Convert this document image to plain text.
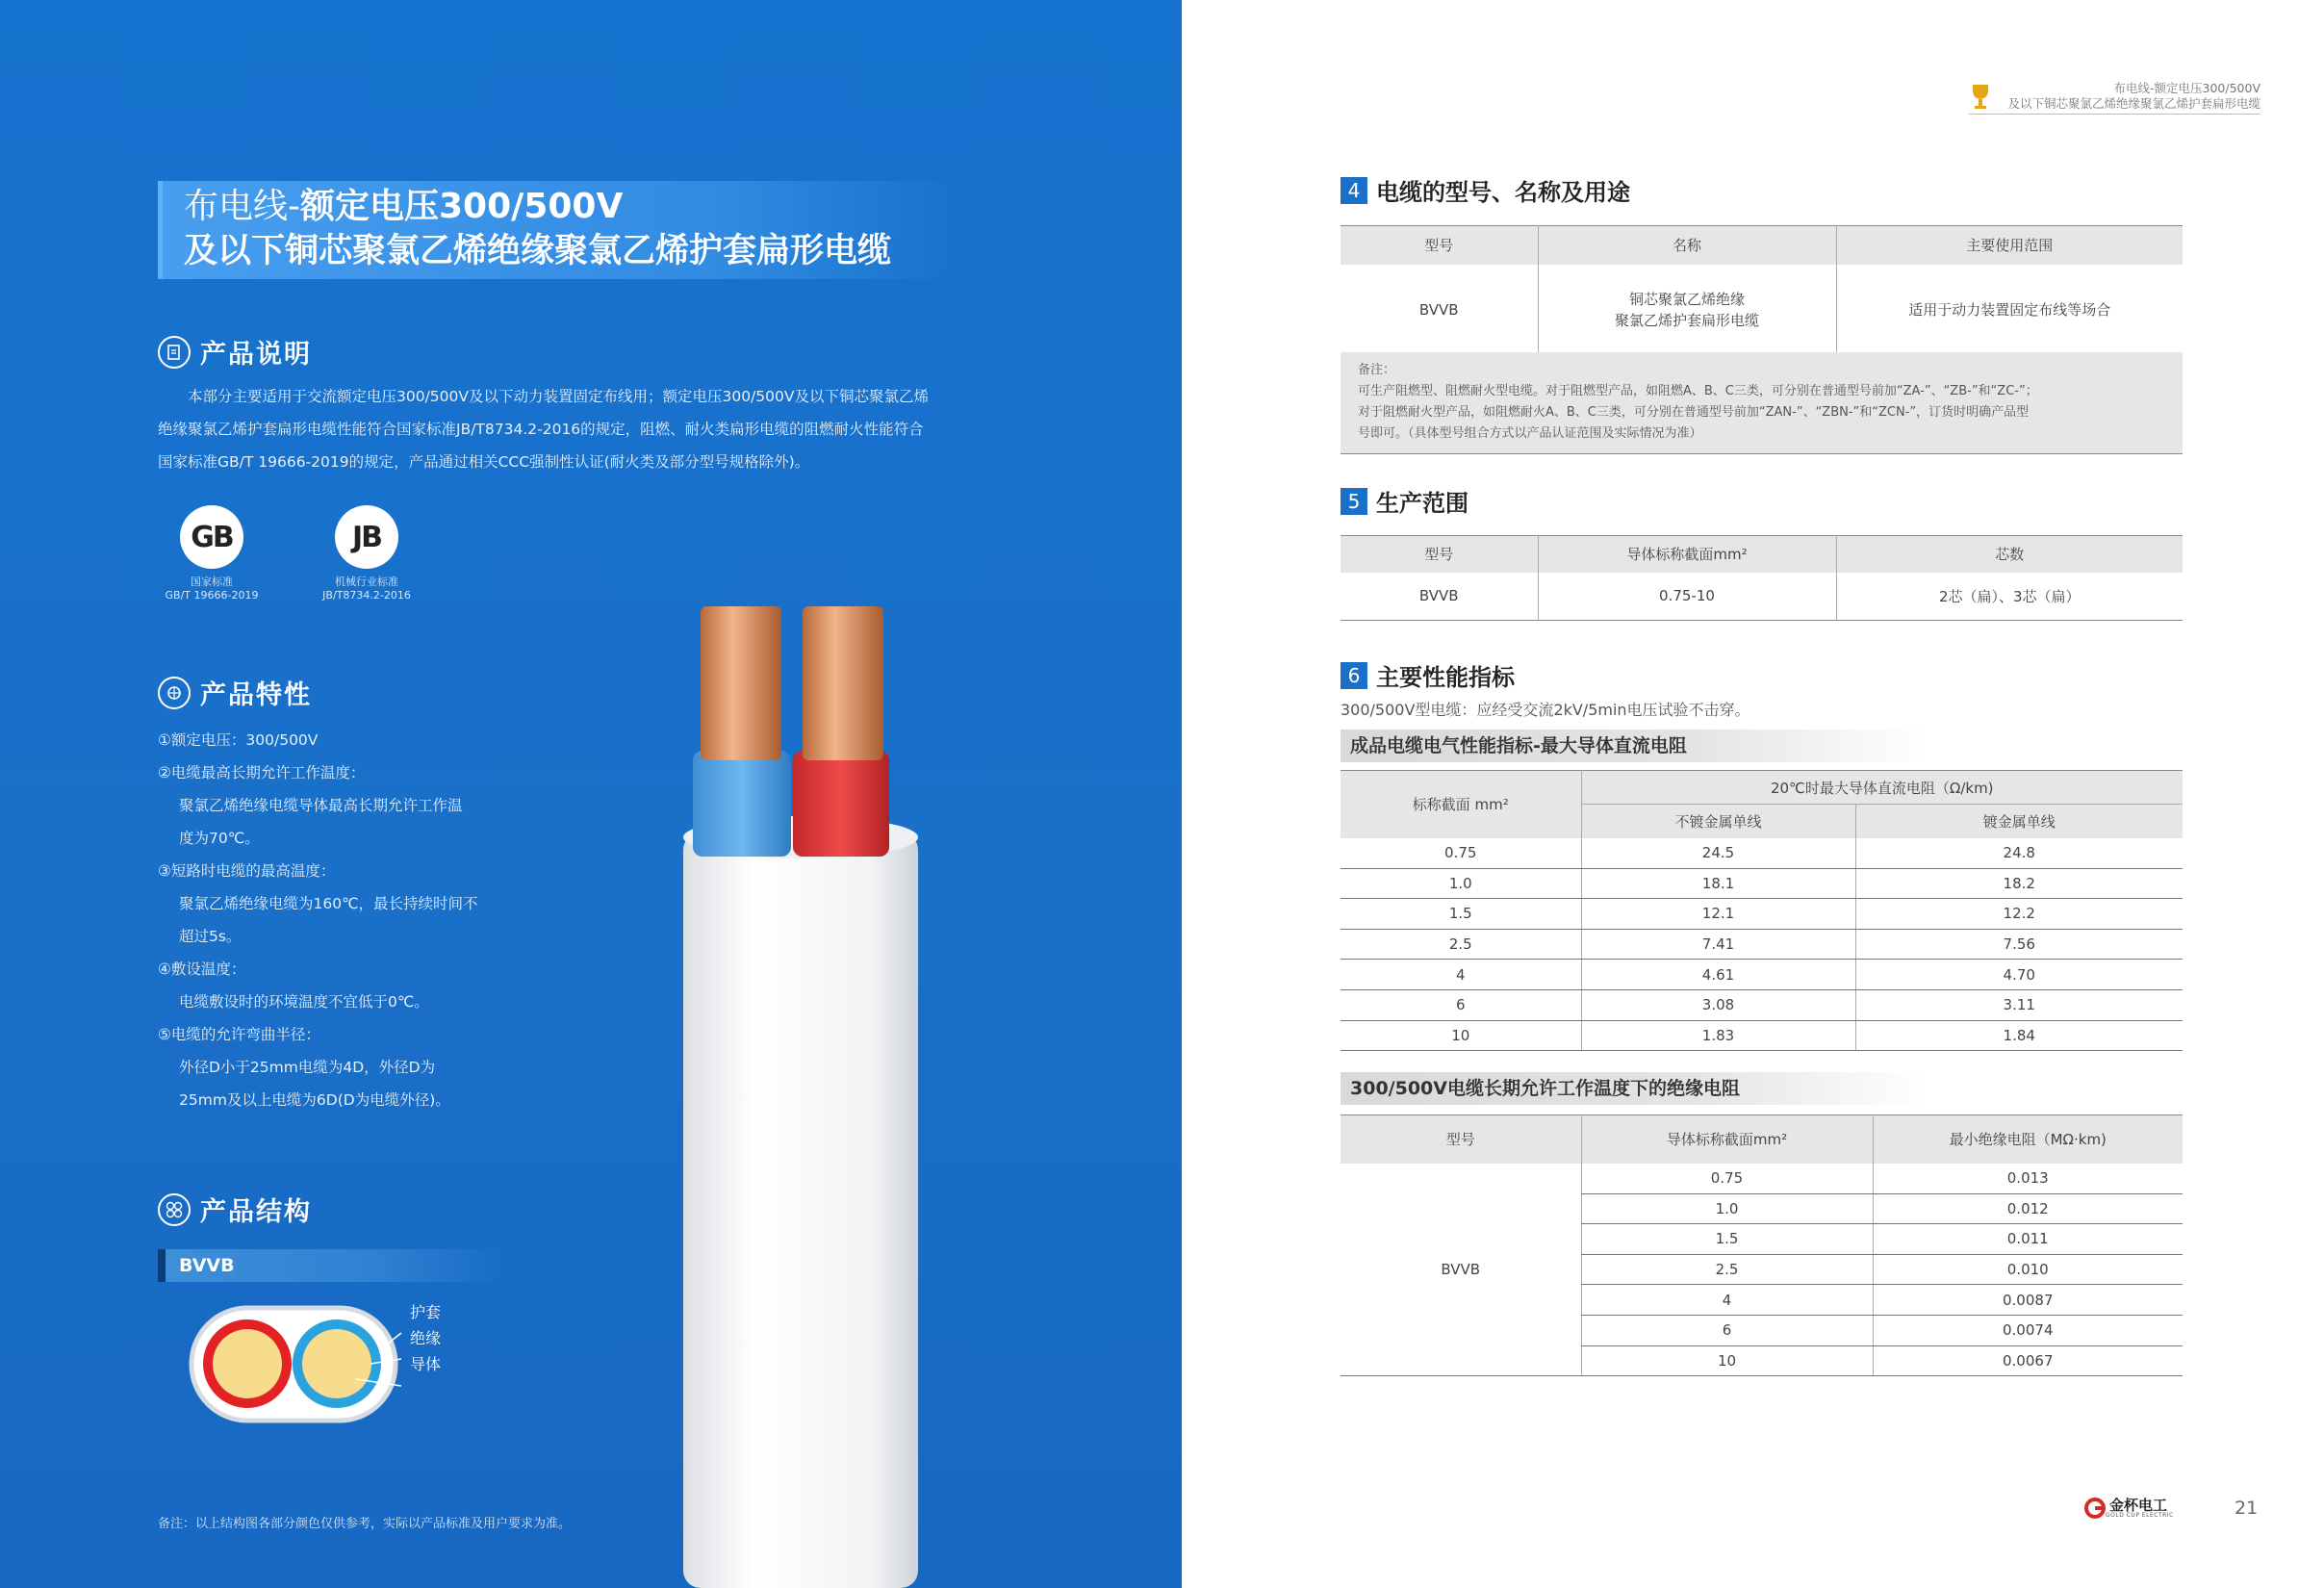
布电线-额定电压300/500V
及以下铜芯聚氯乙烯绝缘聚氯乙烯护套扁形电缆
产品说明
本部分主要适用于交流额定电压300/500V及以下动力装置固定布线用；额定电压300/500V及以下铜芯聚氯乙烯绝缘聚氯乙烯护套扁形电缆性能符合国家标准JB/T8734.2-2016的规定，阻燃、耐火类扁形电缆的阻燃耐火性能符合国家标准GB/T 19666-2019的规定，产品通过相关CCC强制性认证(耐火类及部分型号规格除外)。
GB
国家标准
GB/T 19666-2019
JB
机械行业标准
JB/T8734.2-2016
产品特性
①额定电压：300/500V
②电缆最高长期允许工作温度：
聚氯乙烯绝缘电缆导体最高长期允许工作温
度为70℃。
③短路时电缆的最高温度：
聚氯乙烯绝缘电缆为160℃，最长持续时间不
超过5s。
④敷设温度：
电缆敷设时的环境温度不宜低于0℃。
⑤电缆的允许弯曲半径：
外径D小于25mm电缆为4D，外径D为
25mm及以上电缆为6D(D为电缆外径)。
产品结构
BVVB
护套
绝缘
导体
备注：以上结构图各部分颜色仅供参考，实际以产品标准及用户要求为准。
布电线-额定电压300/500V
及以下铜芯聚氯乙烯绝缘聚氯乙烯护套扁形电缆
4 电缆的型号、名称及用途
型号	名称	主要使用范围
BVVB	铜芯聚氯乙烯绝缘
聚氯乙烯护套扁形电缆	适用于动力装置固定布线等场合
备注：
可生产阻燃型、阻燃耐火型电缆。对于阻燃型产品，如阻燃A、B、C三类，可分别在普通型号前加“ZA-”、“ZB-”和“ZC-”；
对于阻燃耐火型产品，如阻燃耐火A、B、C三类，可分别在普通型号前加“ZAN-”、“ZBN-”和“ZCN-”，订货时明确产品型
号即可。（具体型号组合方式以产品认证范围及实际情况为准）
5 生产范围
型号	导体标称截面mm²	芯数
BVVB	0.75-10	2芯（扁）、3芯（扁）
6 主要性能指标
300/500V型电缆：应经受交流2kV/5min电压试验不击穿。
成品电缆电气性能指标-最大导体直流电阻
标称截面 mm²	20℃时最大导体直流电阻（Ω/km)	
	不镀金属单线	镀金属单线
0.75	24.5	24.8
1.0	18.1	18.2
1.5	12.1	12.2
2.5	7.41	7.56
4	4.61	4.70
6	3.08	3.11
10	1.83	1.84
300/500V电缆长期允许工作温度下的绝缘电阻
型号	导体标称截面mm²	最小绝缘电阻（MΩ·km)
BVVB	0.75	0.013
	1.0	0.012
	1.5	0.011
	2.5	0.010
	4	0.0087
	6	0.0074
	10	0.0067
金杯电工
GOLD CUP ELECTRIC	21
